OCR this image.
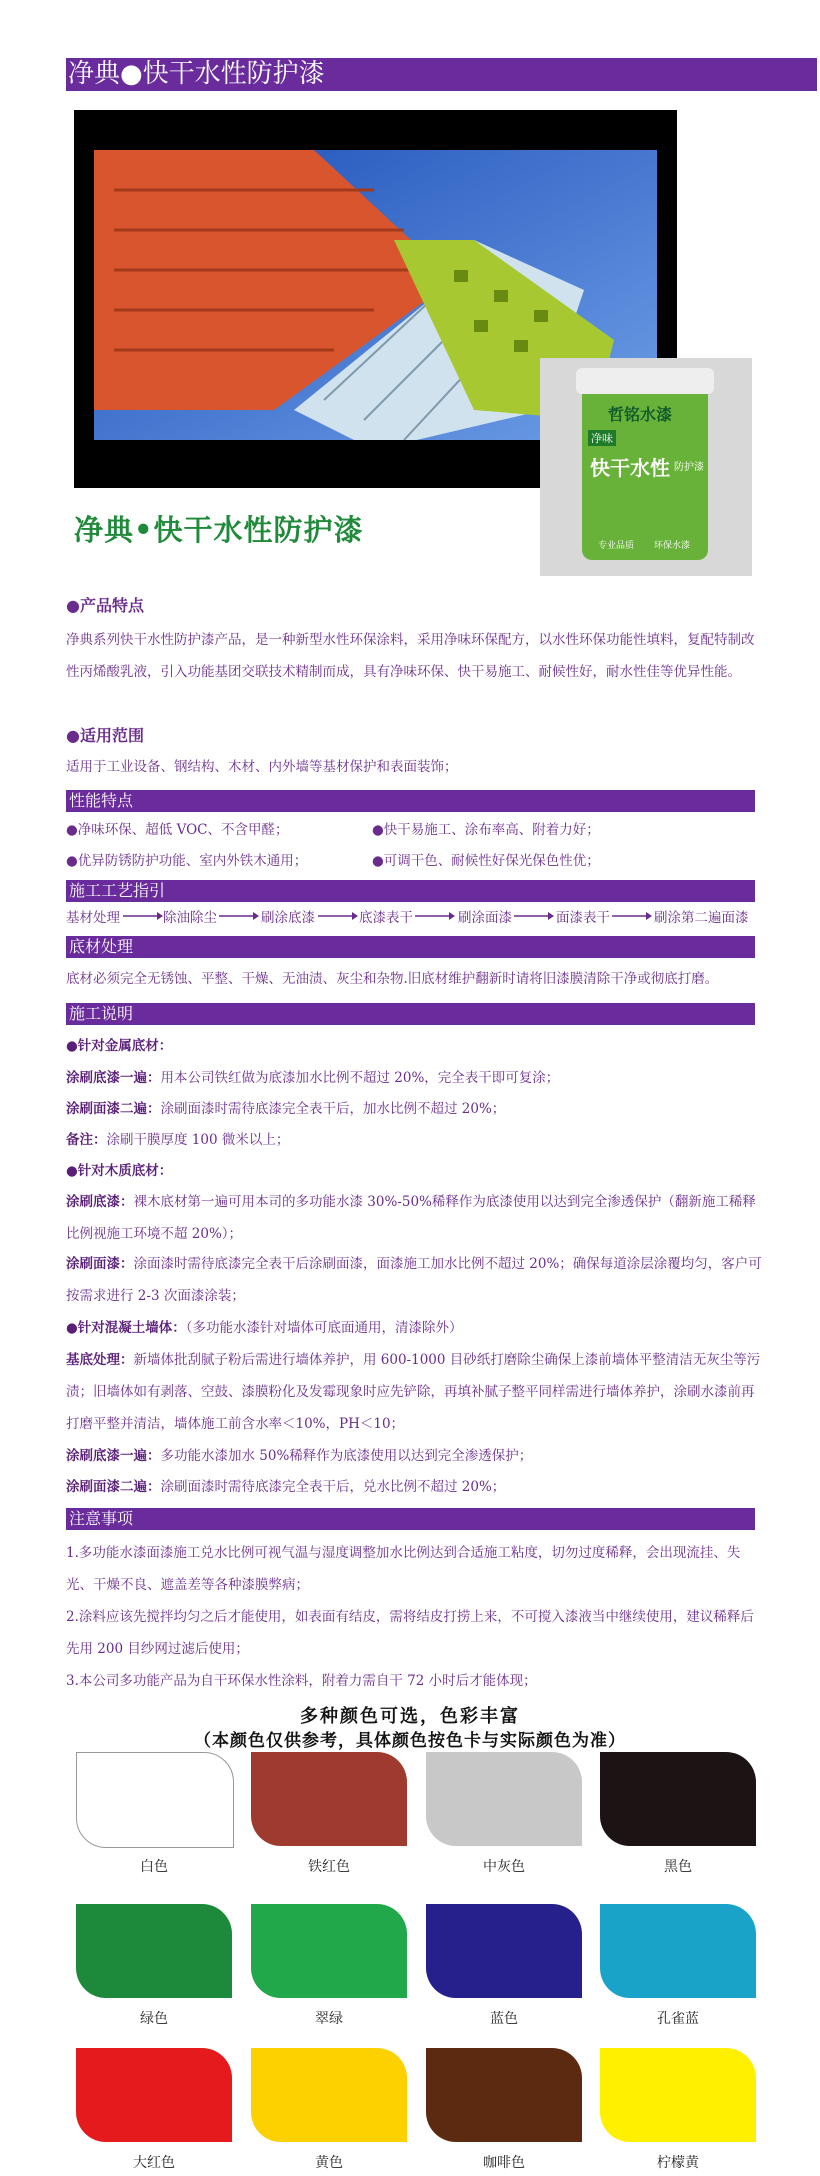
净典●快干水性防护漆
哲铭水漆
净味
快干水性 防护漆
专业品质 环保水漆
净典•快干水性防护漆
●产品特点
净典系列快干水性防护漆产品，是一种新型水性环保涂料，采用净味环保配方，以水性环保功能性填料，复配特制改性丙烯酸乳液，引入功能基团交联技术精制而成，具有净味环保、快干易施工、耐候性好，耐水性佳等优异性能。
●适用范围
适用于工业设备、钢结构、木材、内外墙等基材保护和表面装饰；
性能特点
●净味环保、超低 VOC、不含甲醛；	●快干易施工、涂布率高、附着力好；
●优异防锈防护功能、室内外铁木通用；	●可调干色、耐候性好保光保色性优；
施工工艺指引
基材处理	除油除尘	刷涂底漆	底漆表干	刷涂面漆	面漆表干	刷涂第二遍面漆
底材处理
底材必须完全无锈蚀、平整、干燥、无油渍、灰尘和杂物.旧底材维护翻新时请将旧漆膜清除干净或彻底打磨。
施工说明
●针对金属底材：
涂刷底漆一遍：用本公司铁红做为底漆加水比例不超过 20%，完全表干即可复涂；
涂刷面漆二遍：涂刷面漆时需待底漆完全表干后，加水比例不超过 20%；
备注：涂刷干膜厚度 100 微米以上；
●针对木质底材：
涂刷底漆：裸木底材第一遍可用本司的多功能水漆 30%-50%稀释作为底漆使用以达到完全渗透保护（翻新施工稀释比例视施工环境不超 20%）；
涂刷面漆：涂面漆时需待底漆完全表干后涂刷面漆，面漆施工加水比例不超过 20%；确保每道涂层涂覆均匀，客户可按需求进行 2-3 次面漆涂装；
●针对混凝土墙体：（多功能水漆针对墙体可底面通用，清漆除外）
基底处理：新墙体批刮腻子粉后需进行墙体养护，用 600-1000 目砂纸打磨除尘确保上漆前墙体平整清洁无灰尘等污渍；旧墙体如有剥落、空鼓、漆膜粉化及发霉现象时应先铲除，再填补腻子整平同样需进行墙体养护，涂刷水漆前再打磨平整并清洁，墙体施工前含水率＜10%，PH＜10；
涂刷底漆一遍：多功能水漆加水 50%稀释作为底漆使用以达到完全渗透保护；
涂刷面漆二遍：涂刷面漆时需待底漆完全表干后，兑水比例不超过 20%；
注意事项
1.多功能水漆面漆施工兑水比例可视气温与湿度调整加水比例达到合适施工粘度，切勿过度稀释，会出现流挂、失光、干燥不良、遮盖差等各种漆膜弊病；
2.涂料应该先搅拌均匀之后才能使用，如表面有结皮，需将结皮打捞上来，不可搅入漆液当中继续使用，建议稀释后先用 200 目纱网过滤后使用；
3.本公司多功能产品为自干环保水性涂料，附着力需自干 72 小时后才能体现；
多种颜色可选，色彩丰富
（本颜色仅供参考，具体颜色按色卡与实际颜色为准）
白色	铁红色	中灰色	黑色
绿色	翠绿	蓝色	孔雀蓝
大红色	黄色	咖啡色	柠檬黄
